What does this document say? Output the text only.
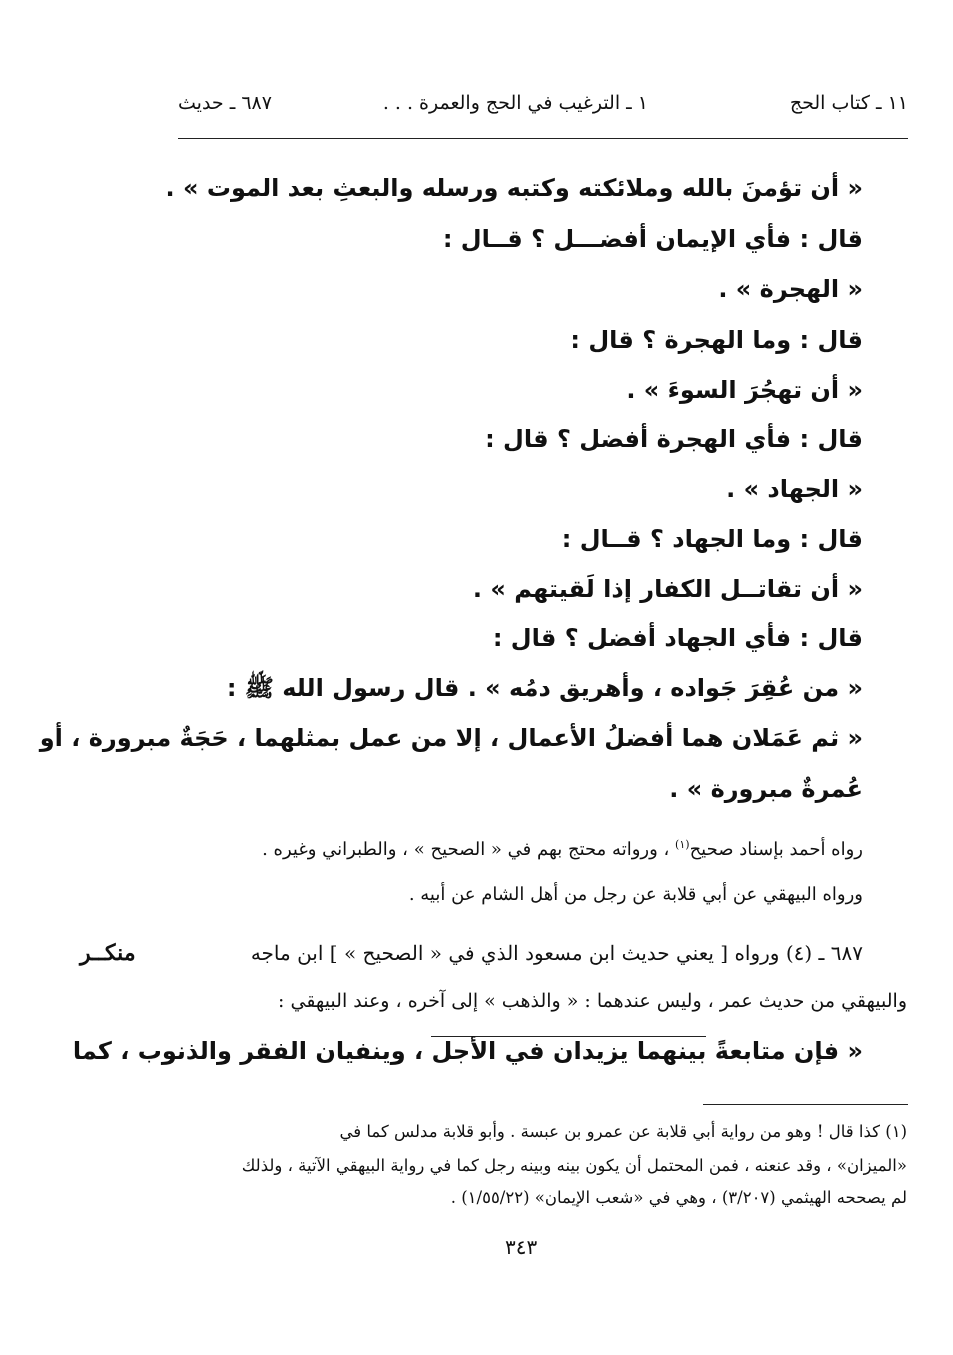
١١ ـ كتاب الحج
١ ـ الترغيب في الحج والعمرة . . .
٦٨٧ ـ حديث
« أن تؤمنَ بالله وملائكته وكتبه ورسله والبعثِ بعد الموت » .
قال : فأي الإيمان أفضـــل ؟ قــال :
« الهجرة » .
قال : وما الهجرة ؟ قال :
« أن تهجُرَ السوءَ » .
قال : فأي الهجرة أفضل ؟ قال :
« الجهاد » .
قال : وما الجهاد ؟ قــال :
« أن تقاتــل الكفار إذا لَقيتهم » .
قال : فأي الجهاد أفضل ؟ قال :
« من عُقِرَ جَواده ، وأهريق دمُه » . قال رسول الله ﷺ :
« ثم عَمَلان هما أفضلُ الأعمال ، إلا من عمل بمثلهما ، حَجَةٌ مبرورة ، أو
عُمرةٌ مبرورة » .
رواه أحمد بإسناد صحيح$^{(١)}$ ، ورواته محتج بهم في « الصحيح » ، والطبراني وغيره .
ورواه البيهقي عن أبي قلابة عن رجل من أهل الشام عن أبيه .
منكــر	٦٨٧ ـ (٤) ورواه [ يعني حديث ابن مسعود الذي في « الصحيح » ] ابن ماجه
والبيهقي من حديث عمر ، وليس عندهما : « والذهب » إلى آخره ، وعند البيهقي :
« فإن متابعةً بينهما يزيدان في الأجل ، وينفيان الفقر والذنوب ، كما
(١) كذا قال ! وهو من رواية أبي قلابة عن عمرو بن عبسة . وأبو قلابة مدلس كما في
«الميزان» ، وقد عنعنه ، فمن المحتمل أن يكون بينه وبينه رجل كما في رواية البيهقي الآتية ، ولذلك
لم يصححه الهيثمي (٣/٢٠٧) ، وهي في «شعب الإيمان» (١/٥٥/٢٢) .
٣٤٣
